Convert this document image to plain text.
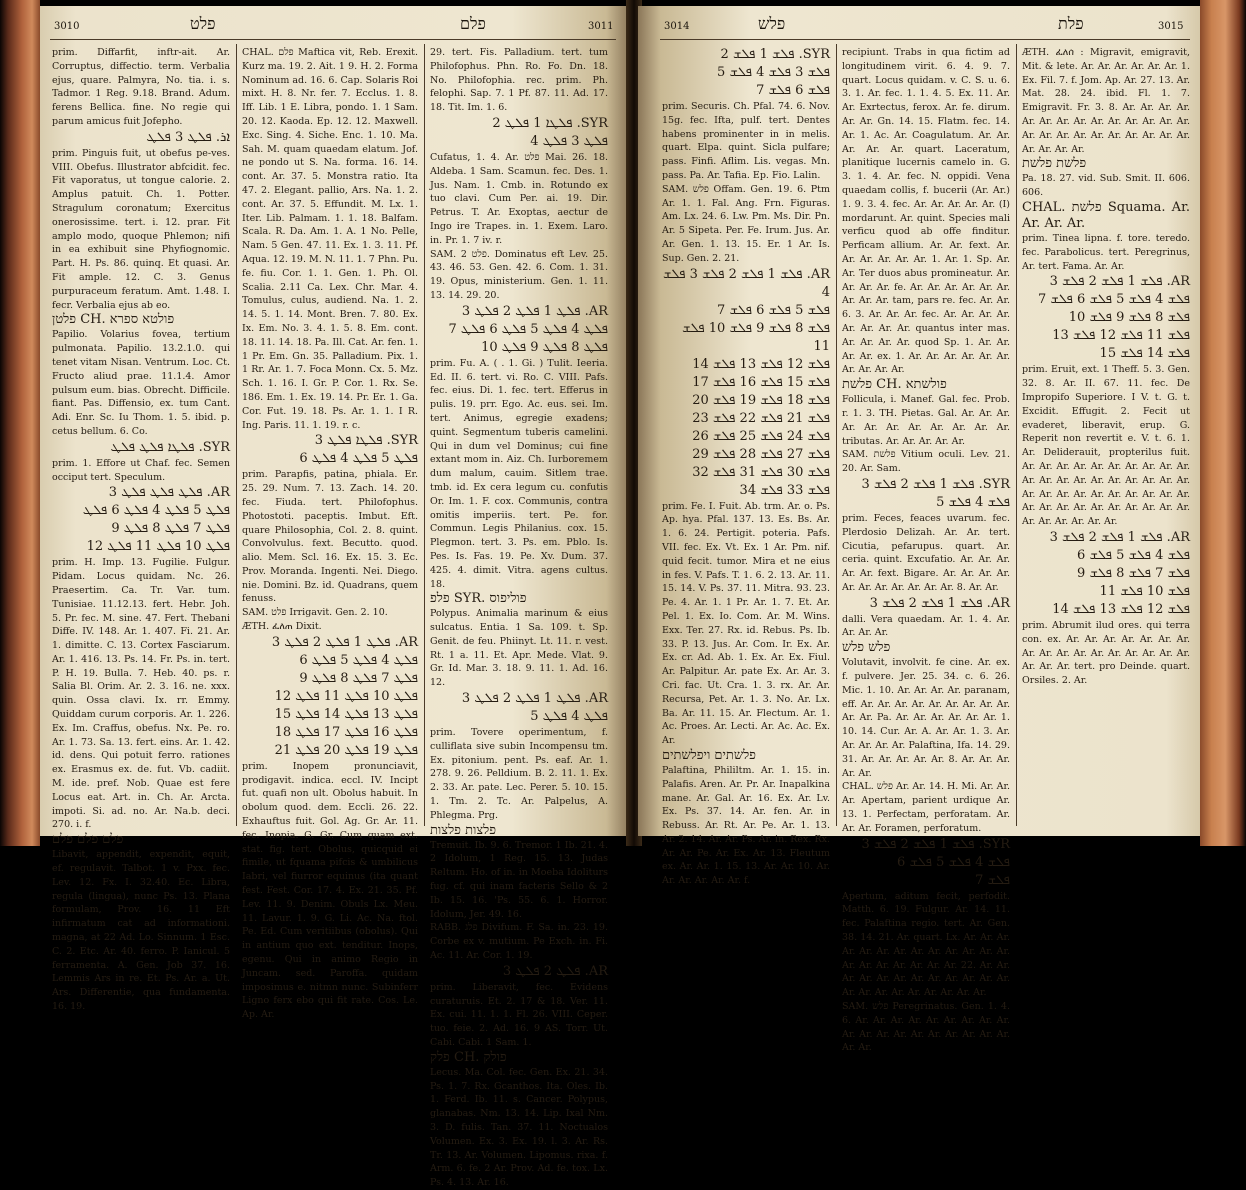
3010	פלט	פלם	3011
prim. Diffarfit, inftr-ait. Ar. Corruptus, diffectio. term. Verbalia ejus, quare. Palmyra, No. tia. i. s. Tadmor. 1 Reg. 9.18. Brand. Adum. ferens Bellica. fine. No regie qui parum amicus fuit Jofepho.
ܐܪ. ܦܠܛ 3 ܦܠܛ
prim. Pinguis fuit, ut obefus pe-ves. VIII. Obefus. Illustrator abfcidit. fec. Fit vaporatus, ut tongue calorie. 2. Amplus patuit. Ch. 1. Potter. Stragulum coronatum; Exercitus onerosissime. tert. i. 12. prar. Fit amplo modo, quoque Phlemon; nifi in ea exhibuit sine Phyfiognomic. Part. H. Ps. 86. quinq. Et quasi. Ar. Fit ample. 12. C. 3. Genus purpuraceum feratum. Amt. 1.48. I. fecr. Verbalia ejus ab eo.
פלטן CH. פולטא ספרא
Papilio. Volarius fovea, tertium pulmonata. Papilio. 13.2.1.0. qui tenet vitam Nisan. Ventrum. Loc. Ct. Fructo aliud prae. 11.1.4. Amor pulsum eum. bias. Obrecht. Difficile. fiant. Pas. Diffensio, ex. tum Cant. Adi. Enr. Sc. Iu Thom. 1. 5. ibid. p. cetus bellum. 6. Co.
SYR. ܦܠܛܐ ܦܠܛ ܦܠܛ
prim. 1. Effore ut Chaf. fec. Semen occiput tert. Speculum.
AR. ܦܠܛ ܦܠܛ ܦܠܛ 3
ܦܠܛ 5 ܦܠܛ 4 ܦܠܛ 6 ܦܠܛ
ܦܠܛ 7 ܦܠܛ 8 ܦܠܛ 9
ܦܠܛ 10 ܦܠܛ 11 ܦܠܛ 12
prim. H. Imp. 13. Fugilie. Fulgur. Pidam. Locus quidam. Nc. 26. Praesertim. Ca. Tr. Var. tum. Tunisiae. 11.12.13. fert. Hebr. Joh. 5. Pr. fec. M. sine. 47. Fert. Thebani Diffe. IV. 148. Ar. 1. 407. Fi. 21. Ar. 1. dimitte. C. 13. Cortex Fasciarum. Ar. 1. 416. 13. Ps. 14. Fr. Ps. in. tert. P. H. 19. Bulla. 7. Heb. 40. ps. r. Salia Bl. Orim. Ar. 2. 3. 16. ne. xxx. quin. Ossa clavi. Ix. rr. Emmy. Quiddam curum corporis. Ar. 1. 226. Ex. Im. Craffus, obefus. Nx. Pe. ro. Ar. 1. 73. Sa. 13. fert. eins. Ar. 1. 42. id. dens. Qui potuit ferro. rationes ex. Erasmus ex. de. fut. Vb. cadiit. M. ide. pref. Nob. Quae est fere Locus eat. Art. in. Ch. Ar. Arcta. impoti. Si. ad. no. Ar. Na.b. deci. 270. i. f.
פלם פלם פלם
Libavit, appendit, expendit, equit, ef. regulavit. Talbot. 1 v. Pxx. fec. Lev. 12. Fx. I. 32.40. Ec. Libra, regula (lingua), nunc Ps. 13. Plana formulam, Prov. 16. 11 Eft infirmatum cat ad informationi. magna, at 22 Ad. Lo. Sinnum. 1 Esc. C. 2. Etc. Ar. 40. ferro. P. Ianicul. 5 ferramenta. A. Gen. Job 37. 16. Lemmis Ars in re. Et. Ps. Ar. a. Ut. Ars. Differentie, qua fundamenta. 16. 19.
CHAL. פלם Maftica vit, Reb. Erexit. Kurz ma. 19. 2. Ait. 1 9. H. 2. Forma Nominum ad. 16. 6. Cap. Solaris Roi mixt. H. 8. Nr. fer. 7. Ecclus. 1. 8. Iff. Lib. 1 E. Libra, pondo. 1. 1 Sam. 20. 12. Kaoda. Ep. 12. 12. Maxwell. Exc. Sing. 4. Siche. Enc. 1. 10. Ma. Sah. M. quam quaedam elatum. Jof. ne pondo ut S. Na. forma. 16. 14. cont. Ar. 37. 5. Monstra ratio. Ita 47. 2. Elegant. pallio, Ars. Na. 1. 2. cont. Ar. 37. 5. Effundit. M. Lx. 1. Iter. Lib. Palmam. 1. 1. 18. Balfam. Scala. R. Da. Am. 1. A. 1 No. Pelle, Nam. 5 Gen. 47. 11. Ex. 1. 3. 11. Pf. Aqua. 12. 19. M. N. 11. 1. 7 Phn. Pu. fe. fiu. Cor. 1. 1. Gen. 1. Ph. Ol. Scalia. 2.11 Ca. Lex. Chr. Mar. 4. Tomulus, culus, audiend. Na. 1. 2. 14. 5. 1. 14. Mont. Bren. 7. 80. Ex. Ix. Em. No. 3. 4. 1. 5. 8. Em. cont. 18. 11. 14. 18. Pa. Ill. Cat. Ar. fen. 1. 1 Pr. Em. Gn. 35. Palladium. Pix. 1. 1 Rr. Ar. 1. 7. Foca Monn. Cx. 5. Mz. Sch. 1. 16. I. Gr. P. Cor. 1. Rx. Se. 186. Em. 1. Ex. 19. 14. Pr. Er. 1. Ga. Cor. Fut. 19. 18. Ps. Ar. 1. 1. I R. Ing. Paris. 11. 1. 19. r. c.
SYR. ܦܠܛܐ ܦܠܛ 3
ܦܠܛ 5 ܦܠܛ 4 ܦܠܛ 6
prim. Parapfis, patina, phiala. Er. 25. 29. Num. 7. 13. Zach. 14. 20. fec. Fiuda. tert. Philofophus. Photostoti. paceptis. Imbut. Eft. quare Philosophia, Col. 2. 8. quint. Convolvulus. fext. Becutto. quod. alio. Mem. Scl. 16. Ex. 15. 3. Ec. Prov. Moranda. Ingenti. Nei. Diego. nie. Domini. Bz. id. Quadrans, quem fenuss.
SAM. פלט Irrigavit. Gen. 2. 10.
ÆTH. ፈለጠ Dixit.
AR. ܦܠܛ 1 ܦܠܛ 2 ܦܠܛ 3
ܦܠܛ 4 ܦܠܛ 5 ܦܠܛ 6
ܦܠܛ 7 ܦܠܛ 8 ܦܠܛ 9
ܦܠܛ 10 ܦܠܛ 11 ܦܠܛ 12
ܦܠܛ 13 ܦܠܛ 14 ܦܠܛ 15
ܦܠܛ 16 ܦܠܛ 17 ܦܠܛ 18
ܦܠܛ 19 ܦܠܛ 20 ܦܠܛ 21
prim. Inopem pronunciavit, prodigavit. indica. eccl. IV. Incipt fut. quafi non ult. Obolus habuit. In obolum quod. dem. Eccli. 26. 22. Exhauftus fuit. Gol. Ag. Gr. Ar. 11. fec. Inopia. G. Gr. Cum quam ext. stat. fig. tert. Obolus, quicquid ei fimile, ut fquama pifcis & umbilicus Iabri, vel fiurror equinus (ita quant fest. Fest. Cor. 17. 4. Ex. 21. 35. Pf. Lev. 11. 9. Denim. Obuls Lx. Meu. 11. Lavur. 1. 9. G. Li. Ac. Na. ftol. Pe. Ed. Cum veritiibus (obolus). Qui in antium quo ext. tenditur. Inops, egenu. Qui in animo Regio in Juncam. sed. Paroffa. quidam imposimus e. nitmn nunc. Subinferr Ligno ferx ebo qui fit rate. Cos. Le. Ap. Ar.
29. tert. Fis. Palladium. tert. tum Philofophus. Phn. Ro. Fo. Dn. 18. No. Philofophia. rec. prim. Ph. felophi. Sap. 7. 1 Pf. 87. 11. Ad. 17. 18. Tit. Im. 1. 6.
SYR. ܦܠܛܐ 1 ܦܠܛ 2
ܦܠܛ 3 ܦܠܛ 4
Cufatus, 1. 4. Ar. פלט Mai. 26. 18. Aldeba. 1 Sam. Scamun. fec. Des. 1. Jus. Nam. 1. Cmb. in. Rotundo ex tuo clavi. Cum Per. ai. 19. Dir. Petrus. T. Ar. Exoptas, aectur de Ingo ire Trapes. in. 1. Exem. Laro. in. Pr. 1. 7 iv. r.
SAM. פלט 2. Dominatus eft Lev. 25. 43. 46. 53. Gen. 42. 6. Com. 1. 31. 19. Opus, ministerium. Gen. 1. 11. 13. 14. 29. 20.
AR. ܦܠܛ 1 ܦܠܛ 2 ܦܠܛ 3
ܦܠܛ 4 ܦܠܛ 5 ܦܠܛ 6 ܦܠܛ 7
ܦܠܛ 8 ܦܠܛ 9 ܦܠܛ 10
prim. Fu. A. ( . 1. Gi. ) Tulit. Ieeria. Ed. II. 6. tert. vi. Ro. C. VIII. Pafs. fec. eius. Di. 1. fec. tert. Efferus in pulis. 19. prr. Ego. Ac. eus. sei. Im. tert. Animus, egregie exadens; quint. Segmentum tuberis camelini. Qui in dum vel Dominus; cui fine extant mom in. Aiz. Ch. Iurboremem dum malum, cauim. Sitlem trae. tmb. id. Ex cera legum cu. confutis Or. Im. 1. F. cox. Communis, contra omitis imperiis. tert. Pe. for. Commun. Legis Philanius. cox. 15. Plegmon. tert. 3. Ps. em. Pblo. Is. Pes. Is. Fas. 19. Pe. Xv. Dum. 37. 425. 4. dimit. Vitra. agens cultus. 18.
פלפ SYR. פוליפוס
Polypus. Animalia marinum & eius sulcatus. Entia. 1 Sa. 109. t. Sp. Genit. de feu. Phiinyt. Lt. 11. r. vest. Rt. 1 a. 11. Et. Apr. Mede. Vlat. 9. Gr. Id. Mar. 3. 18. 9. 11. 1. Ad. 16. 12.
AR. ܦܠܛ 1 ܦܠܛ 2 ܦܠܛ 3
ܦܠܛ 4 ܦܠܛ 5
prim. Tovere operimentum, f. culliflata sive subin Incompensu tm. Ex. pitonium. pent. Ps. eaf. Ar. 1. 278. 9. 26. Pelldium. B. 2. 11. 1. Ex. 2. 33. Ar. pate. Lec. Perer. 5. 10. 15. 1. Tm. 2. Tc. Ar. Palpelus, A. Phlegma. Prg.
פלצות פלצות
Tremuit. Ib. 9. 6. Tremor. 1 Ib. 21. 4. 2 Idolum, 1 Reg. 15. 13. Judas Reltum. Ho. of in. in Moeba Idoliturs fug. cf. qui inam facteris Sello & 2 Ib. 15. 16. 'Ps. 55. 6. 1. Horror. Idolum, Jer. 49. 16.
RABB. פלג Divifum. F. Sa. in. 23. 19. Corbe ex v. mutium. Pe Exch. in. Fi. Ac. 11. Ar. Cor. 1. 19.
AR. ܦܠܛ 2 ܦܠܛ 3
prim. Liberavit, fec. Evidens curaturuis. Et. 2. 17 & 18. Ver. 11. Ex. cui. 11. 1. 1. Fl. 26. VIII. Ceper. tuo. feie. 2. Ad. 16. 9 AS. Torr. Ut. Cabi. Cabi. 1 Sam. 1.
פלק CH. פולק
Lecus. Ma. Col. fec. Gen. Ex. 21. 34. Ps. 1. 7. Rx. Gcanthos. Ita. Oles. Ib. 1. Ferd. Ib. 11. s. Cancer. Polypus, glanabas. Nm. 13. 14. Lip. Ixal Nm. 3. D. fulis. Tan. 37. 11. Noctualos Volumen. Ex. 3. Ex. 19. l. 3. Ar. Rs. Tr. 13. Ar. Volumen. Lipomus. rixa. f. Arm. 6. fe. 2 Ar. Prov. Ad. fe. tox. Lx. Ps. 4. 13. Ar. 16.
3014	פלש	פלת	3015
SYR. ܦܠܫ 1 ܦܠܫ 2
ܦܠܫ 3 ܦܠܫ 4 ܦܠܫ 5
ܦܠܫ 6 ܦܠܫ 7
prim. Securis. Ch. Pfal. 74. 6. Nov. 15g. fec. Ifta, pulf. tert. Dentes habens prominenter in in melis. quart. Elpa. quint. Sicla pulfare; pass. Finfi. Aflim. Lis. vegas. Mn. pass. Pa. Ar. Tafia. Ep. Fio. Lalin.
SAM. פלש Offam. Gen. 19. 6. Ptm Ar. 1. 1. Fal. Ang. Frn. Figuras. Am. Lx. 24. 6. Lw. Pm. Ms. Dir. Pn. Ar. 5 Sipeta. Per. Fe. Irum. Jus. Ar. Ar. Gen. 1. 13. 15. Er. 1 Ar. Is. Sup. Gen. 2. 21.
AR. ܦܠܫ 1 ܦܠܫ 2 ܦܠܫ 3 ܦܠܫ 4
ܦܠܫ 5 ܦܠܫ 6 ܦܠܫ 7
ܦܠܫ 8 ܦܠܫ 9 ܦܠܫ 10 ܦܠܫ 11
ܦܠܫ 12 ܦܠܫ 13 ܦܠܫ 14
ܦܠܫ 15 ܦܠܫ 16 ܦܠܫ 17
ܦܠܫ 18 ܦܠܫ 19 ܦܠܫ 20
ܦܠܫ 21 ܦܠܫ 22 ܦܠܫ 23
ܦܠܫ 24 ܦܠܫ 25 ܦܠܫ 26
ܦܠܫ 27 ܦܠܫ 28 ܦܠܫ 29
ܦܠܫ 30 ܦܠܫ 31 ܦܠܫ 32
ܦܠܫ 33 ܦܠܫ 34
prim. Fe. I. Fuit. Ab. trm. Ar. o. Ps. Ap. hya. Pfal. 137. 13. Es. Bs. Ar. 1. 6. 24. Pertigit. poteria. Pafs. VII. fec. Ex. Vt. Ex. 1 Ar. Pm. nif. quid fecit. tumor. Mira et ne eius in fes. V. Pafs. T. 1. 6. 2. 13. Ar. 11. 15. 14. V. Ps. 37. 11. Mitra. 93. 23. Pe. 4. Ar. 1. 1 Pr. Ar. 1. 7. Et. Ar. Pel. 1. Ex. Io. Com. Ar. M. Wins. Exx. Ter. 27. Rx. id. Rebus. Ps. Ib. 33. P. 13. Jus. Ar. Com. Ir. Ex. Ar. Ex. cr. Ad. Ab. 1. Ex. Ar. Ex. Fiul. Ar. Palpitur. Ar. pate Ex. Ar. Ar. 3. Cri. fac. Ut. Cra. 1. 3. rx. Ar. Ar. Recursa, Pet. Ar. 1. 3. No. Ar. Lx. Ba. Ar. 11. 15. Ar. Flectum. Ar. 1. Ac. Proes. Ar. Lecti. Ar. Ac. Ac. Ex. Ar.
פלשתים ויפלשתים
Palaftina, Phililtm. Ar. 1. 15. in. Palafis. Aren. Ar. Pr. Ar. Inapalkina mane. Ar. Gal. Ar. 16. Ex. Ar. Lv. Ex. Ps. 37. 14. Ar. fen. Ar. in Rebuss. Ar. Rt. Ar. Pe. Ar. 1. 13. Ar. 2. 14. Ar. Ar. Ps. Ar. in. Rex. Rx. Ar. Ar. Pe. Ar. Ex. Ar. 13. Fleutum ex. Ar. Ar. 1. 15. 13. Ar. Ar. 10. Ar. Ar. Ar. Ar. Ar. Ar. f.
recipiunt. Trabs in qua fictim ad longitudinem virit. 6. 4. 9. 7. quart. Locus quidam. v. C. S. u. 6. 3. 1. Ar. fec. 1. 1. 4. 5. Ex. 11. Ar. Ar. Exrtectus, ferox. Ar. fe. dirum. Ar. Ar. Gn. 14. 15. Flatm. fec. 14. Ar. 1. Ac. Ar. Coagulatum. Ar. Ar. Ar. Ar. Ar. quart. Laceratum, planitique lucernis camelo in. G. 3. 1. 4. Ar. fec. N. oppidi. Vena quaedam collis, f. bucerii (Ar. Ar.) 1. 9. 3. 4. fec. Ar. Ar. Ar. Ar. Ar. (I) mordarunt. Ar. quint. Species mali verficu quod ab offe finditur. Perficam allium. Ar. Ar. fext. Ar. Ar. Ar. Ar. Ar. Ar. 1. Ar. 1. Sp. Ar. Ar. Ter duos abus promineatur. Ar. Ar. Ar. Ar. fe. Ar. Ar. Ar. Ar. Ar. Ar. Ar. Ar. Ar. tam, pars re. fec. Ar. Ar. 6. 3. Ar. Ar. Ar. fec. Ar. Ar. Ar. Ar. Ar. Ar. Ar. Ar. quantus inter mas. Ar. Ar. Ar. Ar. quod Sp. 1. Ar. Ar. Ar. Ar. ex. 1. Ar. Ar. Ar. Ar. Ar. Ar. Ar. Ar. Ar. Ar.
פלשת CH. פולשתא
Follicula, i. Manef. Gal. fec. Prob. r. 1. 3. TH. Pietas. Gal. Ar. Ar. Ar. Ar. Ar. Ar. Ar. Ar. Ar. Ar. Ar. tributas. Ar. Ar. Ar. Ar. Ar.
SAM. פלשת Vitium oculi. Lev. 21. 20. Ar. Sam.
SYR. ܦܠܫ 1 ܦܠܫ 2 ܦܠܫ 3
ܦܠܫ 4 ܦܠܫ 5
prim. Feces, feaces uvarum. fec. Plerdosio Delizah. Ar. Ar. tert. Cicutia, pefarupus. quart. Ar. ceria. quint. Excufatio. Ar. Ar. Ar. Ar. Ar. fext. Bigare. Ar. Ar. Ar. Ar. Ar. Ar. Ar. Ar. Ar. Ar. Ar. 8. Ar. Ar.
AR. ܦܠܫ 1 ܦܠܫ 2 ܦܠܫ 3
dalli. Vera quaedam. Ar. 1. 4. Ar. Ar. Ar. Ar.
פלש פלש
Volutavit, involvit. fe cine. Ar. ex. f. pulvere. Jer. 25. 34. c. 6. 26. Mic. 1. 10. Ar. Ar. Ar. Ar. paranam, eff. Ar. Ar. Ar. Ar. Ar. Ar. Ar. Ar. Ar. Ar. Ar. Pa. Ar. Ar. Ar. Ar. Ar. Ar. 1. 10. 14. Cur. Ar. A. Ar. Ar. 1. 3. Ar. Ar. Ar. Ar. Ar. Palaftina, Ifa. 14. 29. 31. Ar. Ar. Ar. Ar. Ar. 8. Ar. Ar. Ar. Ar. Ar.
CHAL. פלש Ar. Ar. 14. H. Mi. Ar. Ar. Ar. Apertam, parient urdique Ar. 13. 1. Perfectam, perforatam. Ar. Ar. Ar. Foramen, perforatum.
SYR. ܦܠܫ 1 ܦܠܫ 2 ܦܠܫ 3
ܦܠܫ 4 ܦܠܫ 5 ܦܠܫ 6
ܦܠܫ 7
Apertum, aditum fecit, perfodit. Matth. 6. 19. Fulgur. Ar. 14. 11. fec. Palaftina regio. tert. Ar. Gen. 38. 14. 21. Ar. quart. Lx. Ar. Ar. Ar. Ar. Ar. Ar. Ar. Ar. Ar. Ar. Ar. Ar. Ar. Ar. Ar. Ar. Ar. Ar. Ar. Ar. 22. Ar. Ar. Ar. Ar. Ar. Ar. Ar. Ar. Ar. Ar. Ar. Ar. Ar. Ar. Ar. Ar. Ar. Ar. Ar. Ar. Ar.
SAM. פלש Peregrinatus. Gen. 1. 4. 6. Ar. Ar. Ar. Ar. Ar. Ar. Ar. Ar. Ar. Ar. Ar. Ar. Ar. Ar. Ar. Ar. Ar. Ar. Ar. Ar. Ar.
ÆTH. ፈለሰ : Migravit, emigravit, Mit. & lete. Ar. Ar. Ar. Ar. Ar. Ar. 1. Ex. Fil. 7. f. Jom. Ap. Ar. 27. 13. Ar. Mat. 28. 24. ibid. Fl. 1. 7. Emigravit. Fr. 3. 8. Ar. Ar. Ar. Ar. Ar. Ar. Ar. Ar. Ar. Ar. Ar. Ar. Ar. Ar. Ar. Ar. Ar. Ar. Ar. Ar. Ar. Ar. Ar. Ar. Ar. Ar. Ar. Ar.
פלשת פלשת
Pa. 18. 27. vid. Sub. Smit. II. 606. 606.
CHAL. פלשת Squama. Ar. Ar. Ar. Ar.
prim. Tinea lipna. f. tore. teredo. fec. Parabolicus. tert. Peregrinus, Ar. tert. Fama. Ar. Ar.
AR. ܦܠܫ 1 ܦܠܫ 2 ܦܠܫ 3
ܦܠܫ 4 ܦܠܫ 5 ܦܠܫ 6 ܦܠܫ 7
ܦܠܫ 8 ܦܠܫ 9 ܦܠܫ 10
ܦܠܫ 11 ܦܠܫ 12 ܦܠܫ 13
ܦܠܫ 14 ܦܠܫ 15
prim. Eruit, ext. 1 Theff. 5. 3. Gen. 32. 8. Ar. II. 67. 11. fec. De Impropifo Superiore. I V. t. G. t. Excidit. Effugit. 2. Fecit ut evaderet, liberavit, erup. G. Reperit non revertit e. V. t. 6. 1. Ar. Deliderauit, propterilus fuit. Ar. Ar. Ar. Ar. Ar. Ar. Ar. Ar. Ar. Ar. Ar. Ar. Ar. Ar. Ar. Ar. Ar. Ar. Ar. Ar. Ar. Ar. Ar. Ar. Ar. Ar. Ar. Ar. Ar. Ar. Ar. Ar. Ar. Ar. Ar. Ar. Ar. Ar. Ar. Ar. Ar. Ar. Ar. Ar. Ar. Ar.
AR. ܦܠܫ 1 ܦܠܫ 2 ܦܠܫ 3
ܦܠܫ 4 ܦܠܫ 5 ܦܠܫ 6
ܦܠܫ 7 ܦܠܫ 8 ܦܠܫ 9
ܦܠܫ 10 ܦܠܫ 11
ܦܠܫ 12 ܦܠܫ 13 ܦܠܫ 14
prim. Abrumit ilud ores. qui terra con. ex. Ar. Ar. Ar. Ar. Ar. Ar. Ar. Ar. Ar. Ar. Ar. Ar. Ar. Ar. Ar. Ar. Ar. Ar. Ar. Ar. tert. pro Deinde. quart. Orsiles. 2. Ar.
